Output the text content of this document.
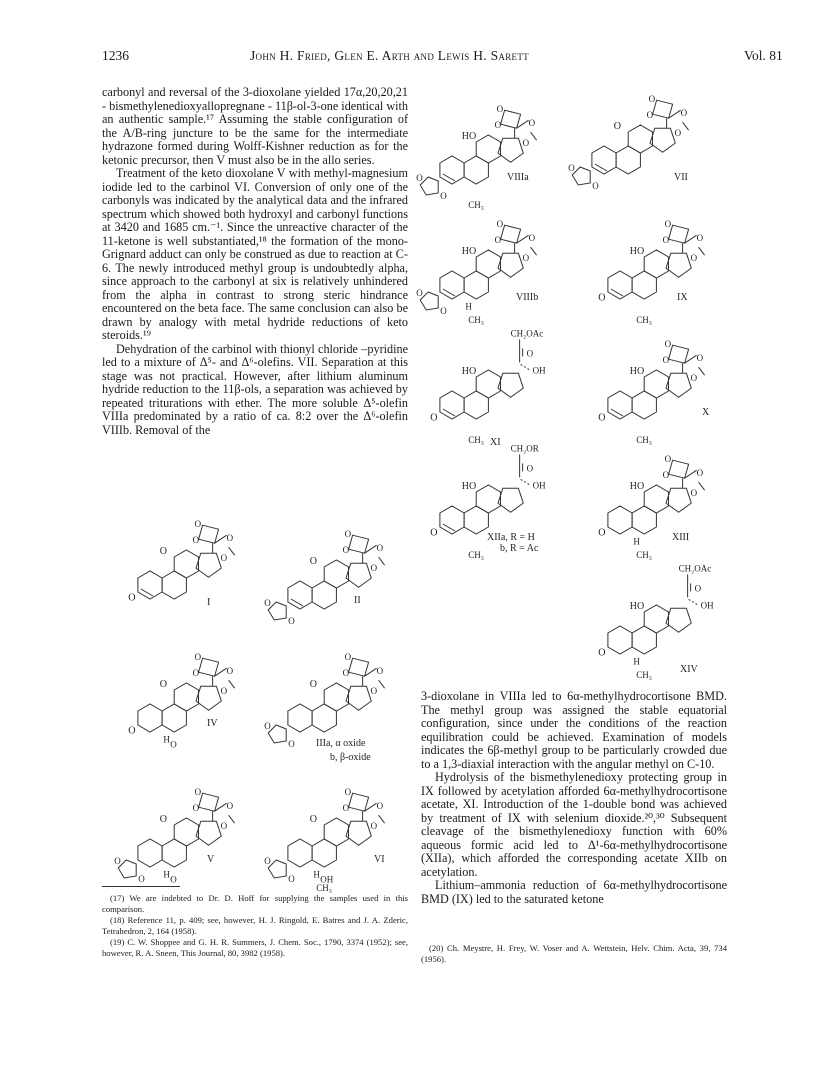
1236	John H. Fried, Glen E. Arth and Lewis H. Sarett	Vol. 81

carbonyl and reversal of the 3-dioxolane yielded 17α,20,20,21 - bismethylenedioxyallopregnane - 11β-ol-3-one identical with an authentic sample.¹⁷ Assuming the stable configuration of the A/B-ring juncture to be the same for the intermediate hydrazone formed during Wolff-Kishner reduction as for the ketonic precursor, then V must also be in the allo series.

Treatment of the keto dioxolane V with methyl-magnesium iodide led to the carbinol VI. Conversion of only one of the carbonyls was indicated by the analytical data and the infrared spectrum which showed both hydroxyl and carbonyl functions at 3420 and 1685 cm.⁻¹. Since the unreactive character of the 11-ketone is well substantiated,¹⁸ the formation of the mono-Grignard adduct can only be construed as due to reaction at C-6. The newly introduced methyl group is undoubtedly alpha, since approach to the carbonyl at six is relatively unhindered from the alpha in contrast to strong steric hindrance encountered on the beta face. The same conclusion can also be drawn by analogy with metal hydride reductions of keto steroids.¹⁹

Dehydration of the carbinol with thionyl chloride –pyridine led to a mixture of Δ⁵- and Δ⁶-olefins. VII. Separation at this stage was not practical. However, after lithium aluminum hydride reduction to the 11β-ols, a separation was achieved by repeated triturations with ether. The more soluble Δ⁵-olefin VIIIa predominated by a ratio of ca. 8:2 over the Δ⁶-olefin VIIIb. Removal of the

3-dioxolane in VIIIa led to 6α-methylhydrocortisone BMD. The methyl group was assigned the stable equatorial configuration, since under the conditions of the reaction equilibration could be achieved. Examination of models indicates the 6β-methyl group to be particularly crowded due to a 1,3-diaxial interaction with the angular methyl on C-10.

Hydrolysis of the bismethylenedioxy protecting group in IX followed by acetylation afforded 6α-methylhydrocortisone acetate, XI. Introduction of the 1-double bond was achieved by treatment of IX with selenium dioxide.²⁰,³⁰ Subsequent cleavage of the bismethylenedioxy function with 60% aqueous formic acid led to Δ¹-6α-methylhydrocortisone (XIIa), which afforded the corresponding acetate XIIb on acetylation.

Lithium–ammonia reduction of 6α-methylhydrocortisone BMD (IX) led to the saturated ketone

(17) We are indebted to Dr. D. Hoff for supplying the samples used in this comparison.

(18) Reference 11, p. 409; see, however, H. J. Ringold, E. Batres and J. A. Zderic, Tetrahedron, 2, 164 (1958).

(19) C. W. Shoppee and G. H. R. Summers, J. Chem. Soc., 1790, 3374 (1952); see, however, R. A. Sneen, This Journal, 80, 3982 (1958).	(20) Ch. Meystre, H. Frey, W. Voser and A. Wettstein, Helv. Chim. Acta, 39, 734 (1956).

O
O
O
O	O
O
I	O
O
O
O
O	O
O
II
O
O
O
H
O
O	O
O
IV	O
O
O
O
O	O
O
IIIa, α oxide
b, β-oxide
O
O
O
O
H
O
O	O
O
V	O
O
O
OH
H
O
O	O
O
CH₃
VI
O
O
HO
O
O	O
O
CH₃
VIIIa
O
O
O
O
O	O
O
VII
O
O
HO
H
O
O	O
O
CH₃
VIIIb	O
HO
O
O	O
O
CH₃
IX
O
HO
CH₂OAc
O
OH
CH₃ XI
O
HO
O
O	O
O
CH₃
X
O
HO
CH₂OR
O
OH
CH₃
XIIa, R = H
b, R = Ac
O
HO
H
O
O	O
O
CH₃
XIII
O
HO
H
CH₂OAc
O
OH
CH₃	XIV
